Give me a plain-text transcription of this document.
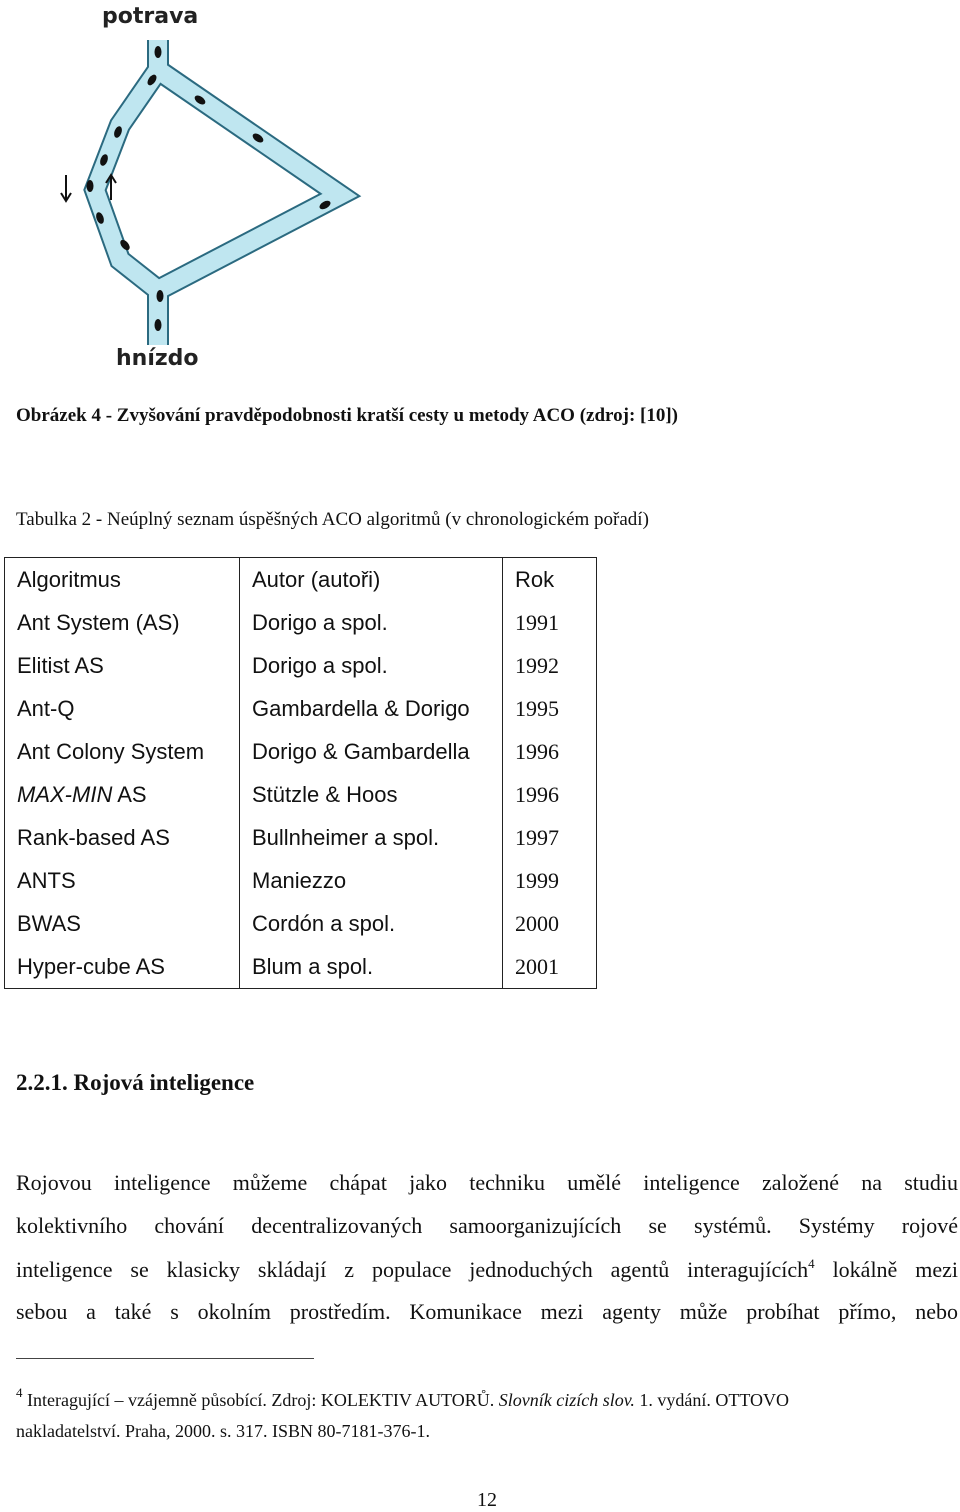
potrava
hnízdo
Obrázek 4 - Zvyšování pravděpodobnosti kratší cesty u metody ACO (zdroj: [10])
Tabulka 2 - Neúplný seznam úspěšných ACO algoritmů (v chronologickém pořadí)
Algoritmus	Autor (autoři)	Rok
Ant System (AS)	Dorigo a spol.	1991
Elitist AS	Dorigo a spol.	1992
Ant-Q	Gambardella & Dorigo	1995
Ant Colony System	Dorigo & Gambardella	1996
MAX-MIN AS	Stützle & Hoos	1996
Rank-based AS	Bullnheimer a spol.	1997
ANTS	Maniezzo	1999
BWAS	Cordón a spol.	2000
Hyper-cube AS	Blum a spol.	2001
2.2.1. Rojová inteligence
Rojovou inteligence můžeme chápat jako techniku umělé inteligence založené na studiu
kolektivního chování decentralizovaných samoorganizujících se systémů. Systémy rojové
inteligence se klasicky skládají z populace jednoduchých agentů interagujících$^4$ lokálně mezi
sebou a také s okolním prostředím. Komunikace mezi agenty může probíhat přímo, nebo
$^4$ Interagující – vzájemně působící. Zdroj: KOLEKTIV AUTORŮ. Slovník cizích slov. 1. vydání. OTTOVO
nakladatelství. Praha, 2000. s. 317. ISBN 80-7181-376-1.
12
